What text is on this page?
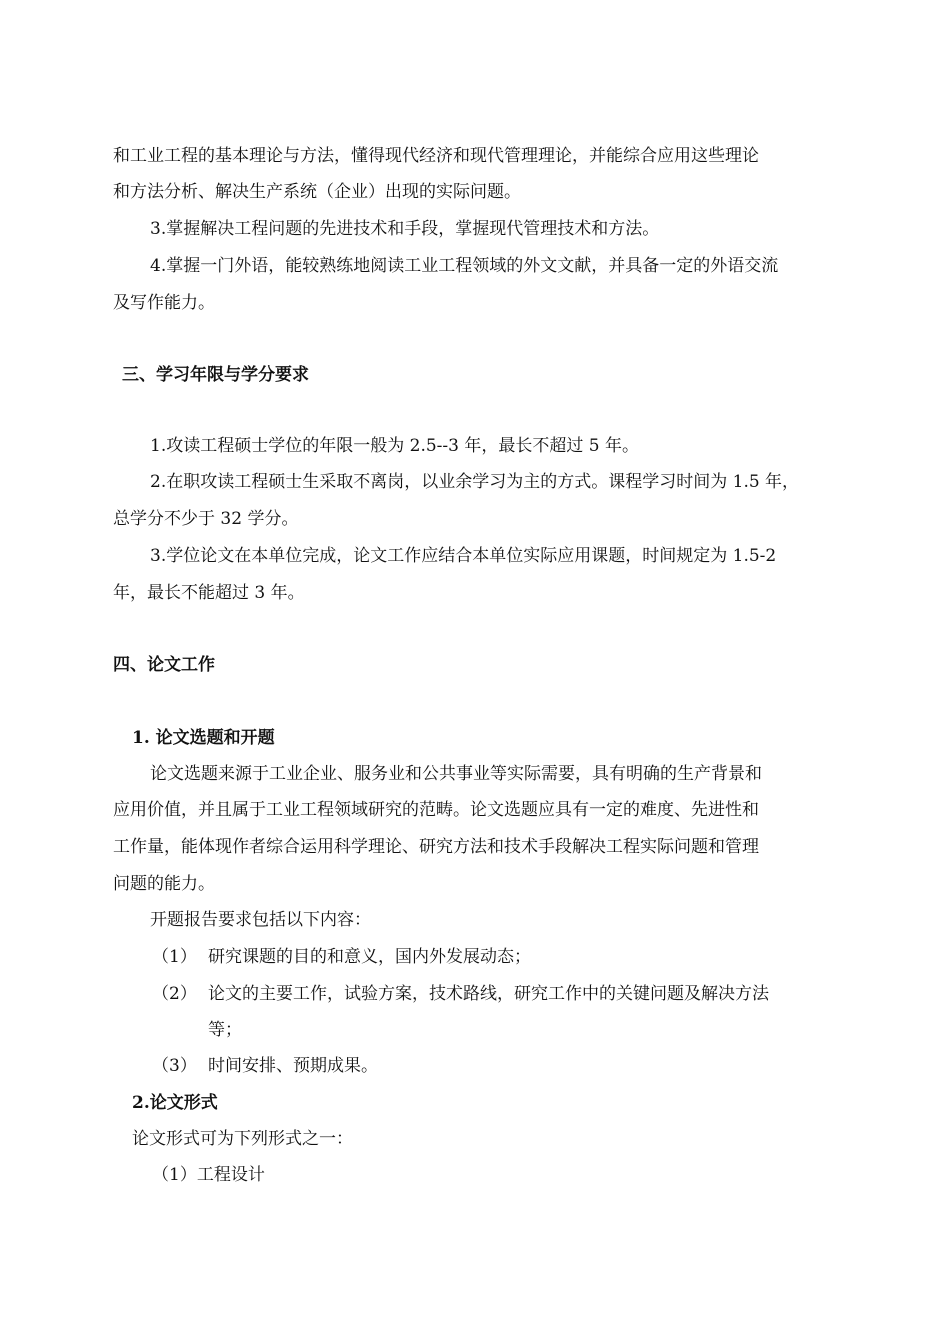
和工业工程的基本理论与方法，懂得现代经济和现代管理理论，并能综合应用这些理论
和方法分析、解决生产系统（企业）出现的实际问题。
3.掌握解决工程问题的先进技术和手段，掌握现代管理技术和方法。
4.掌握一门外语，能较熟练地阅读工业工程领域的外文文献，并具备一定的外语交流
及写作能力。
三、学习年限与学分要求
1.攻读工程硕士学位的年限一般为 2.5--3 年，最长不超过 5 年。
2.在职攻读工程硕士生采取不离岗，以业余学习为主的方式。课程学习时间为 1.5 年，
总学分不少于 32 学分。
3.学位论文在本单位完成，论文工作应结合本单位实际应用课题，时间规定为 1.5-2
年，最长不能超过 3 年。
四、论文工作
1. 论文选题和开题
论文选题来源于工业企业、服务业和公共事业等实际需要，具有明确的生产背景和
应用价值，并且属于工业工程领域研究的范畴。论文选题应具有一定的难度、先进性和
工作量，能体现作者综合运用科学理论、研究方法和技术手段解决工程实际问题和管理
问题的能力。
开题报告要求包括以下内容：
（1） 研究课题的目的和意义，国内外发展动态；
（2） 论文的主要工作，试验方案，技术路线，研究工作中的关键问题及解决方法
等；
（3） 时间安排、预期成果。
2.论文形式
论文形式可为下列形式之一：
（1）工程设计
